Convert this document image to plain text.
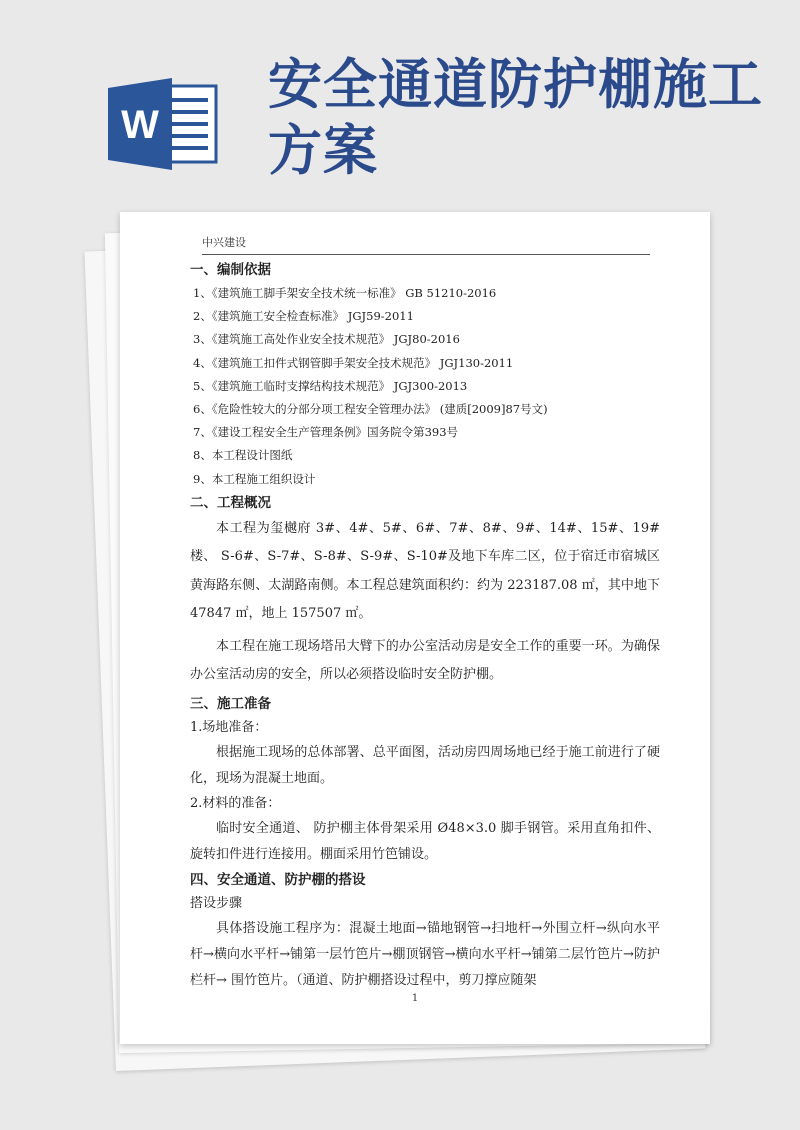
W
安全通道防护棚施工方案
中兴建设

一、编制依据

1、《建筑施工脚手架安全技术统一标准》 GB 51210-2016

2、《建筑施工安全检查标准》 JGJ59-2011

3、《建筑施工高处作业安全技术规范》 JGJ80-2016

4、《建筑施工扣件式钢管脚手架安全技术规范》 JGJ130-2011

5、《建筑施工临时支撑结构技术规范》 JGJ300-2013

6、《危险性较大的分部分项工程安全管理办法》 (建质[2009]87号文)

7、《建设工程安全生产管理条例》国务院令第393号

8、本工程设计图纸

9、本工程施工组织设计

二、工程概况

本工程为玺樾府 3#、4#、5#、6#、7#、8#、9#、14#、15#、19#楼、 S-6#、S-7#、S-8#、S-9#、S-10#及地下车库二区，位于宿迁市宿城区黄海路东侧、太湖路南侧。本工程总建筑面积约：约为 223187.08 ㎡，其中地下 47847 ㎡，地上 157507 ㎡。

本工程在施工现场塔吊大臂下的办公室活动房是安全工作的重要一环。为确保办公室活动房的安全，所以必须搭设临时安全防护棚。

三、施工准备

1.场地准备：

根据施工现场的总体部署、总平面图，活动房四周场地已经于施工前进行了硬化，现场为混凝土地面。

2.材料的准备：

临时安全通道、 防护棚主体骨架采用 Ø48×3.0 脚手钢管。采用直角扣件、旋转扣件进行连接用。棚面采用竹笆铺设。

四、安全通道、防护棚的搭设

搭设步骤

具体搭设施工程序为：混凝土地面→锚地钢管→扫地杆→外围立杆→纵向水平杆→横向水平杆→铺第一层竹笆片→棚顶钢管→横向水平杆→铺第二层竹笆片→防护栏杆→ 围竹笆片。（通道、防护棚搭设过程中，剪刀撑应随架

1
